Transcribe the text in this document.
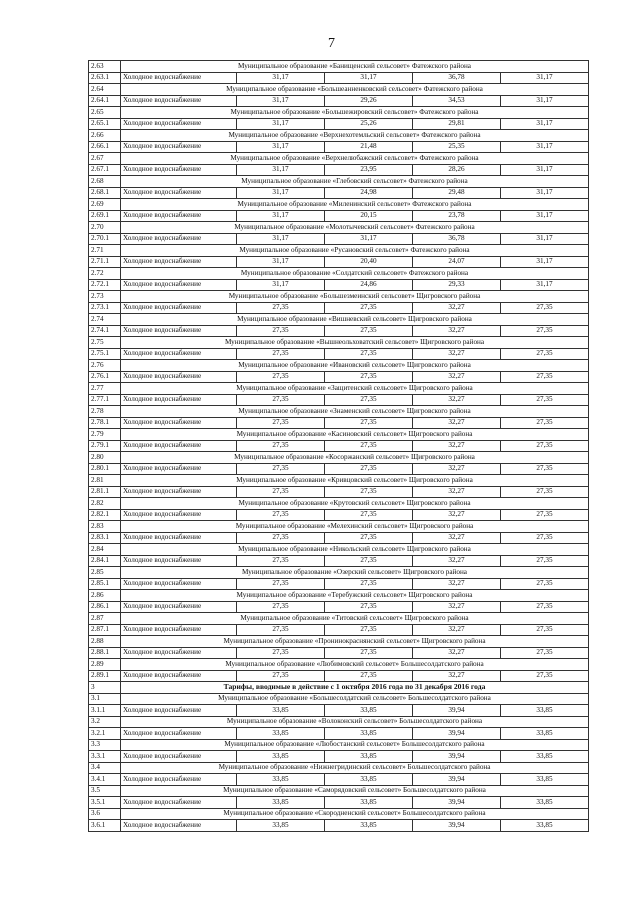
7
2.63	Муниципальное образование «Банищенский сельсовет» Фатежского района				
2.63.1	Холодное водоснабжение	31,17	31,17	36,78	31,17
2.64	Муниципальное образование «Большеанненковский сельсовет» Фатежского района				
2.64.1	Холодное водоснабжение	31,17	29,26	34,53	31,17
2.65	Муниципальное образование «Большежировский сельсовет» Фатежского района				
2.65.1	Холодное водоснабжение	31,17	25,26	29,81	31,17
2.66	Муниципальное образование «Верхнехотемльский сельсовет» Фатежского района				
2.66.1	Холодное водоснабжение	31,17	21,48	25,35	31,17
2.67	Муниципальное образование «Верхнелюбажский сельсовет» Фатежского района				
2.67.1	Холодное водоснабжение	31,17	23,95	28,26	31,17
2.68	Муниципальное образование «Глебовский сельсовет» Фатежского района				
2.68.1	Холодное водоснабжение	31,17	24,98	29,48	31,17
2.69	Муниципальное образование «Миленинский сельсовет» Фатежского района				
2.69.1	Холодное водоснабжение	31,17	20,15	23,78	31,17
2.70	Муниципальное образование «Молотычевский сельсовет» Фатежского района				
2.70.1	Холодное водоснабжение	31,17	31,17	36,78	31,17
2.71	Муниципальное образование «Русановский сельсовет» Фатежского района				
2.71.1	Холодное водоснабжение	31,17	20,40	24,07	31,17
2.72	Муниципальное образование «Солдатский сельсовет» Фатежского района				
2.72.1	Холодное водоснабжение	31,17	24,86	29,33	31,17
2.73	Муниципальное образование «Большезмеинский сельсовет» Щигровского района				
2.73.1	Холодное водоснабжение	27,35	27,35	32,27	27,35
2.74	Муниципальное образование «Вишневский сельсовет» Щигровского района				
2.74.1	Холодное водоснабжение	27,35	27,35	32,27	27,35
2.75	Муниципальное образование «Вышнеольховатский сельсовет» Щигровского района				
2.75.1	Холодное водоснабжение	27,35	27,35	32,27	27,35
2.76	Муниципальное образование «Ивановский сельсовет» Щигровского района				
2.76.1	Холодное водоснабжение	27,35	27,35	32,27	27,35
2.77	Муниципальное образование «Защитенский сельсовет» Щигровского района				
2.77.1	Холодное водоснабжение	27,35	27,35	32,27	27,35
2.78	Муниципальное образование «Знаменский сельсовет» Щигровского района				
2.78.1	Холодное водоснабжение	27,35	27,35	32,27	27,35
2.79	Муниципальное образование «Касиновский сельсовет» Щигровского района				
2.79.1	Холодное водоснабжение	27,35	27,35	32,27	27,35
2.80	Муниципальное образование «Косоржанский сельсовет» Щигровского района				
2.80.1	Холодное водоснабжение	27,35	27,35	32,27	27,35
2.81	Муниципальное образование «Кривцовский сельсовет» Щигровского района				
2.81.1	Холодное водоснабжение	27,35	27,35	32,27	27,35
2.82	Муниципальное образование «Крутовский сельсовет» Щигровского района				
2.82.1	Холодное водоснабжение	27,35	27,35	32,27	27,35
2.83	Муниципальное образование «Мелехинский сельсовет» Щигровского района				
2.83.1	Холодное водоснабжение	27,35	27,35	32,27	27,35
2.84	Муниципальное образование «Никольский сельсовет» Щигровского района				
2.84.1	Холодное водоснабжение	27,35	27,35	32,27	27,35
2.85	Муниципальное образование «Озерский сельсовет» Щигровского района				
2.85.1	Холодное водоснабжение	27,35	27,35	32,27	27,35
2.86	Муниципальное образование «Теребужский сельсовет» Щигровского района				
2.86.1	Холодное водоснабжение	27,35	27,35	32,27	27,35
2.87	Муниципальное образование «Титовский сельсовет» Щигровского района				
2.87.1	Холодное водоснабжение	27,35	27,35	32,27	27,35
2.88	Муниципальное образование «Пронинокраснянский сельсовет» Щигровского района				
2.88.1	Холодное водоснабжение	27,35	27,35	32,27	27,35
2.89	Муниципальное образование «Любимовский сельсовет» Большесолдатского района				
2.89.1	Холодное водоснабжение	27,35	27,35	32,27	27,35
3	Тарифы, вводимые в действие с 1 октября 2016 года по 31 декабря 2016 года				
3.1	Муниципальное образование «Большесолдатский сельсовет» Большесолдатского района				
3.1.1	Холодное водоснабжение	33,85	33,85	39,94	33,85
3.2	Муниципальное образование «Волоконский сельсовет» Большесолдатского района				
3.2.1	Холодное водоснабжение	33,85	33,85	39,94	33,85
3.3	Муниципальное образование «Любостанский сельсовет» Большесолдатского района				
3.3.1	Холодное водоснабжение	33,85	33,85	39,94	33,85
3.4	Муниципальное образование «Нижнегридинский сельсовет» Большесолдатского района				
3.4.1	Холодное водоснабжение	33,85	33,85	39,94	33,85
3.5	Муниципальное образование «Саморядовский сельсовет» Большесолдатского района				
3.5.1	Холодное водоснабжение	33,85	33,85	39,94	33,85
3.6	Муниципальное образование «Скородненский сельсовет» Большесолдатского района				
3.6.1	Холодное водоснабжение	33,85	33,85	39,94	33,85
